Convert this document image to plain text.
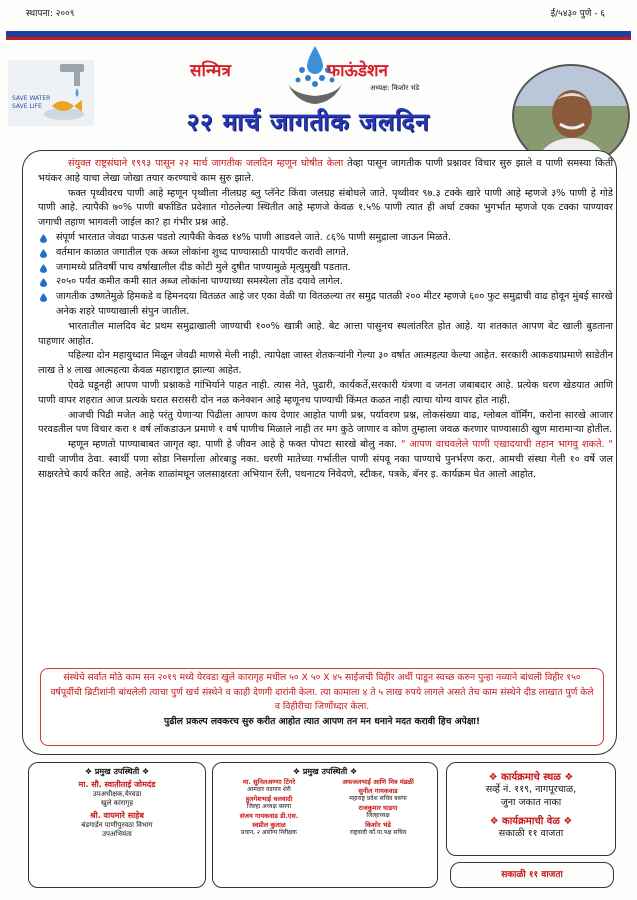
स्थापना: २००९	ई/५४३० पुणे - ६
SAVE WATER
SAVE LIFE
सन्मित्र	फाऊंडेशन
अध्यक्ष: किशोर भंडे
२२ मार्च जागतीक जलदिन

संयुक्त राष्ट्रसंघाने १९९३ पासून २२ मार्च जागतीक जलदिन म्हणून घोषीत केला तेव्हा पासून जागतीक पाणी प्रश्नावर विचार सुरु झाले व पाणी समस्या किती भयंकर आहे याचा लेखा जोखा तयार करण्याचे काम सुरु झाले.

फक्त पृथ्वीवरच पाणी आहे म्हणून पृथ्वीला नीलग्रह ब्लु प्लॅनेट किंवा जलग्रह संबोधले जाते. पृथ्वीवर ९७.३ टक्के खारे पाणी आहे म्हणजे ३% पाणी हे गोडे पाणी आहे. त्यापैकी ७०% पाणी बर्फाडित प्रदेशात गोठलेल्या स्थितीत आहे म्हणजे केवळ १.५% पाणी त्यात ही अर्धा टक्का भुगर्भात म्हणजे एक टक्का पाण्यावर जगाची तहाण भागवली जाईल का? हा गंभीर प्रश्न आहे.

संपूर्ण भारतात जेवढा पाऊस पडतो त्यापैकी केवळ १४% पाणी आडवले जाते. ८६% पाणी समुद्राला जाऊन मिळते.
वर्तमान काळात जगातील एक अब्ज लोकांना शुध्द पाण्यासाठी पायपीट करावी लागते.
जगामध्ये प्रतिवर्षी पाच वर्षाखालील दीड कोटी मुले दुषीत पाण्यामुळे मृत्युमुखी पडतात.
२०५० पर्यंत कमीत कमी सात अब्ज लोकांना पाण्याच्या समस्येला तोंड दयावे लागेल.
जागतीक उष्णतेमुळे हिमकडे व हिमनदया वितळत आहे जर एका वेळी या वितळल्या तर समुद्र पातळी २०० मीटर म्हणजे ६०० फुट समुद्राची वाढ होवून मुंबई सारखे अनेक शहरे पाण्याखाली संपुन जातील.

भारतातील मालदिव बेट प्रथम समुद्राखाली जाण्याची १००% खात्री आहे. बेट आत्ता पासुनच स्थलांतरित होत आहे. या शतकात आपण बेट खाली बुडताना पाहणार आहोत.

पहिल्या दोन महायुध्दात मिळून जेवढी माणसे मेली नाही. त्यापेक्षा जास्त शेतकऱ्यांनी गेल्या ३० वर्षात आत्महत्या केल्या आहेत. सरकारी आकडयाप्रमाणे साडेतीन लाख ते ४ लाख आत्महत्या केवळ महाराष्ट्रात झाल्या आहेत.

ऐवढे घडूनही आपण पाणी प्रश्नाकडे गांभिर्याने पाहत नाही. त्यास नेते, पुढारी, कार्यकर्ते,सरकारी यंत्रणा व जनता जबाबदार आहे. प्रत्येक धरण खेडयात आणि पाणी वापर शहरात आज प्रत्यके घरात सरासरी दोन नळ कनेक्शन आहे म्हणूनच पाण्याची किंमत कळत नाही त्याचा योग्य वापर होत नाही.

आजची पिढी मजेत आहे परंतु येणाऱ्या पिढीला आपण काय देणार आहोत पाणी प्रश्न, पर्यावरण प्रश्न, लोकसंख्या वाढ, ग्लोबल वॉर्मिंग, करोना सारखे आजार परवडतील पण विचार करा १ वर्ष लॉकडाऊन प्रमाणे १ वर्ष पाणीच मिळाले नाही तर मग कुठे जाणार व कोण तुम्हाला जवळ करणार पाण्यासाठी खुण मारामाऱ्या होतील.

म्हणून म्हणतो पाण्याबाबत जागृत व्हा. पाणी हे जीवन आहे हे फक्त पोपटा सारखे बोलु नका. " आपण वाचवलेले पाणी एखादयाची तहान भागवु शकते. " याची जाणीव ठेवा. स्वार्थी पणा सोडा निसर्गाला ओरबाडु नका. धरणी मातेच्या गर्भातील पाणी संपवू नका पाण्याचे पुनर्भरण करा. आमची संस्था गेली १० वर्षे जल साक्षरतेचे कार्य करित आहे. अनेक शाळांमधून जलसाक्षरता अभियान रॅली, पथनाटय निवेदणे, स्टीकर, पत्रके, बॅनर इ. कार्यक्रम घेत आलो आहोत.

संस्थेचे सर्वात मोठे काम सन २०१९ मध्ये येरवडा खुले कारागृह मधील ५० X ५० X ४५ साईजची विहीर अर्धी पाडून स्वच्छ करुन पुन्हा नव्याने बांधली विहीर १५० वर्षपूर्वीची ब्रिटीशांनी बांधलेली त्याचा पुर्ण खर्च संस्थेने व काही देणगी दारांनी केला. त्या कामाला ४ ते ५ लाख रुपये लागले असते तेच काम संस्थेने दीड लाखात पुर्ण केले व विहीरीचा जिर्णोध्दार केला.
पुढील प्रकल्प लवकरच सुरु करीत आहोत त्यात आपण तन मन धनाने मदत करावी हिच अपेक्षा!
❖ प्रमुख उपस्थिती ❖
मा. सौ. स्वातीताई जोमदंड
उपअधीक्षक,येरवडा
खुले कारागृह
श्री. वाघमारे साहेब
बंडगार्डन पाणीपुरवठा विभाग
उपअभियंता
❖ प्रमुख उपस्थिती ❖
मा. सुनिलअण्णा टिंगरे
आमदार वडगाव शेरी
हुलगेशभाई चलवादी
जिल्हा अध्यक्ष बसपा
संजय गायकवाड डी.एस.
स्वप्नील कुताळ
प्रधान, २ आरोग्य निरीक्षक
अफजलभाई आणि मित्र मंडळी
सुनील गायकवाड
महाराष्ट्र प्रदेश सचिव बसपा
राजकुमार घाडगा
जिल्हाध्यक्ष
किशोर भंडे
राष्ट्रवादी काँ.पा.पक्ष सचिव
❖ कार्यक्रमाचे स्थळ ❖
सर्व्हे नं. ११९, नागपूरचाळ,
जुना जकात नाका
❖ कार्यक्रमाची वेळ ❖
सकाळी ११ वाजता
सकाळी ११ वाजता
